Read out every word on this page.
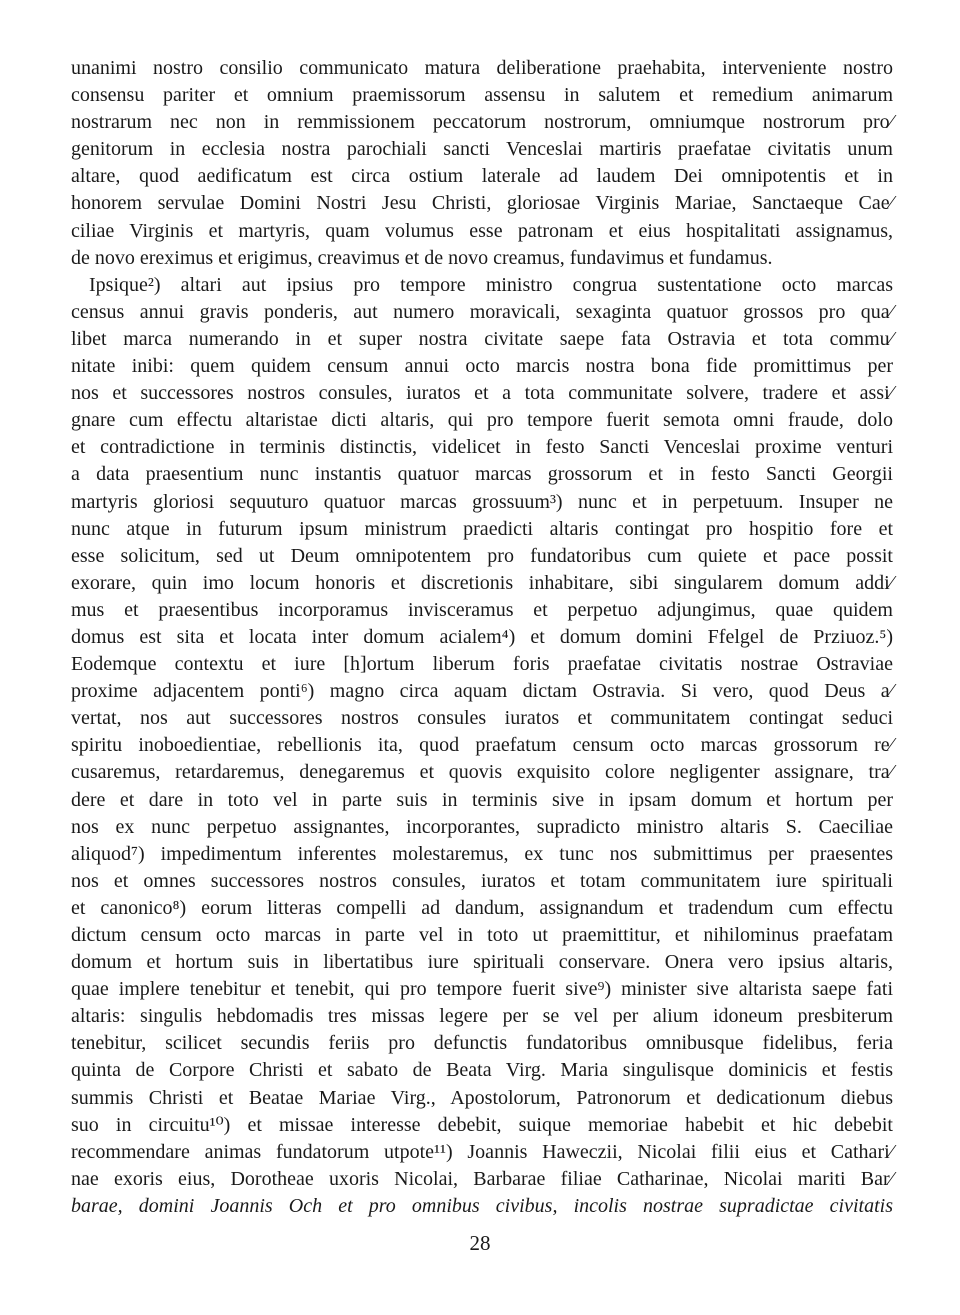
unanimi nostro consilio communicato matura deliberatione praehabita, interveniente nostro
consensu pariter et omnium praemissorum assensu in salutem et remedium animarum
nostrarum nec non in remmissionem peccatorum nostrorum, omniumque nostrorum pro⁄
genitorum in ecclesia nostra parochiali sancti Venceslai martiris praefatae civitatis unum
altare, quod aedificatum est circa ostium laterale ad laudem Dei omnipotentis et in
honorem servulae Domini Nostri Jesu Christi, gloriosae Virginis Mariae, Sanctaeque Cae⁄
ciliae Virginis et martyris, quam volumus esse patronam et eius hospitalitati assignamus,
de novo ereximus et erigimus, creavimus et de novo creamus, fundavimus et fundamus.
Ipsique²) altari aut ipsius pro tempore ministro congrua sustentatione octo marcas
census annui gravis ponderis, aut numero moravicali, sexaginta quatuor grossos pro qua⁄
libet marca numerando in et super nostra civitate saepe fata Ostravia et tota commu⁄
nitate inibi: quem quidem censum annui octo marcis nostra bona fide promittimus per
nos et successores nostros consules, iuratos et a tota communitate solvere, tradere et assi⁄
gnare cum effectu altaristae dicti altaris, qui pro tempore fuerit semota omni fraude, dolo
et contradictione in terminis distinctis, videlicet in festo Sancti Venceslai proxime venturi
a data praesentium nunc instantis quatuor marcas grossorum et in festo Sancti Georgii
martyris gloriosi sequuturo quatuor marcas grossuum³) nunc et in perpetuum. Insuper ne
nunc atque in futurum ipsum ministrum praedicti altaris contingat pro hospitio fore et
esse solicitum, sed ut Deum omnipotentem pro fundatoribus cum quiete et pace possit
exorare, quin imo locum honoris et discretionis inhabitare, sibi singularem domum addi⁄
mus et praesentibus incorporamus invisceramus et perpetuo adjungimus, quae quidem
domus est sita et locata inter domum acialem⁴) et domum domini Ffelgel de Prziuoz.⁵)
Eodemque contextu et iure [h]ortum liberum foris praefatae civitatis nostrae Ostraviae
proxime adjacentem ponti⁶) magno circa aquam dictam Ostravia. Si vero, quod Deus a⁄
vertat, nos aut successores nostros consules iuratos et communitatem contingat seduci
spiritu inoboedientiae, rebellionis ita, quod praefatum censum octo marcas grossorum re⁄
cusaremus, retardaremus, denegaremus et quovis exquisito colore negligenter assignare, tra⁄
dere et dare in toto vel in parte suis in terminis sive in ipsam domum et hortum per
nos ex nunc perpetuo assignantes, incorporantes, supradicto ministro altaris S. Caeciliae
aliquod⁷) impedimentum inferentes molestaremus, ex tunc nos submittimus per praesentes
nos et omnes successores nostros consules, iuratos et totam communitatem iure spirituali
et canonico⁸) eorum litteras compelli ad dandum, assignandum et tradendum cum effectu
dictum censum octo marcas in parte vel in toto ut praemittitur, et nihilominus praefatam
domum et hortum suis in libertatibus iure spirituali conservare. Onera vero ipsius altaris,
quae implere tenebitur et tenebit, qui pro tempore fuerit sive⁹) minister sive altarista saepe fati
altaris: singulis hebdomadis tres missas legere per se vel per alium idoneum presbiterum
tenebitur, scilicet secundis feriis pro defunctis fundatoribus omnibusque fidelibus, feria
quinta de Corpore Christi et sabato de Beata Virg. Maria singulisque dominicis et festis
summis Christi et Beatae Mariae Virg., Apostolorum, Patronorum et dedicationum diebus
suo in circuitu¹⁰) et missae interesse debebit, suique memoriae habebit et hic debebit
recommendare animas fundatorum utpote¹¹) Joannis Haweczii, Nicolai filii eius et Cathari⁄
nae exoris eius, Dorotheae uxoris Nicolai, Barbarae filiae Catharinae, Nicolai mariti Bar⁄
barae, domini Joannis Och et pro omnibus civibus, incolis nostrae supradictae civitatis
28
